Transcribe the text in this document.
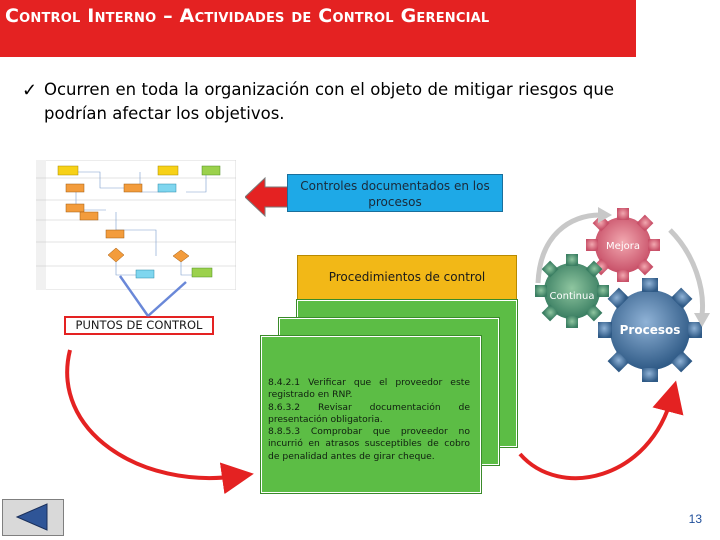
Control Interno – Actividades de Control Gerencial
✓ Ocurren en toda la organización con el objeto de mitigar riesgos que podrían afectar los objetivos.
Controles documentados en los procesos
Procedimientos de control
8.4.2.1 Verificar que el proveedor este registrado en RNP.
8.6.3.2 Revisar documentación de presentación obligatoria.
8.8.5.3 Comprobar que proveedor no incurrió en atrasos susceptibles de cobro de penalidad antes de girar cheque.
PUNTOS DE CONTROL
Mejora
Continua
Procesos
13
